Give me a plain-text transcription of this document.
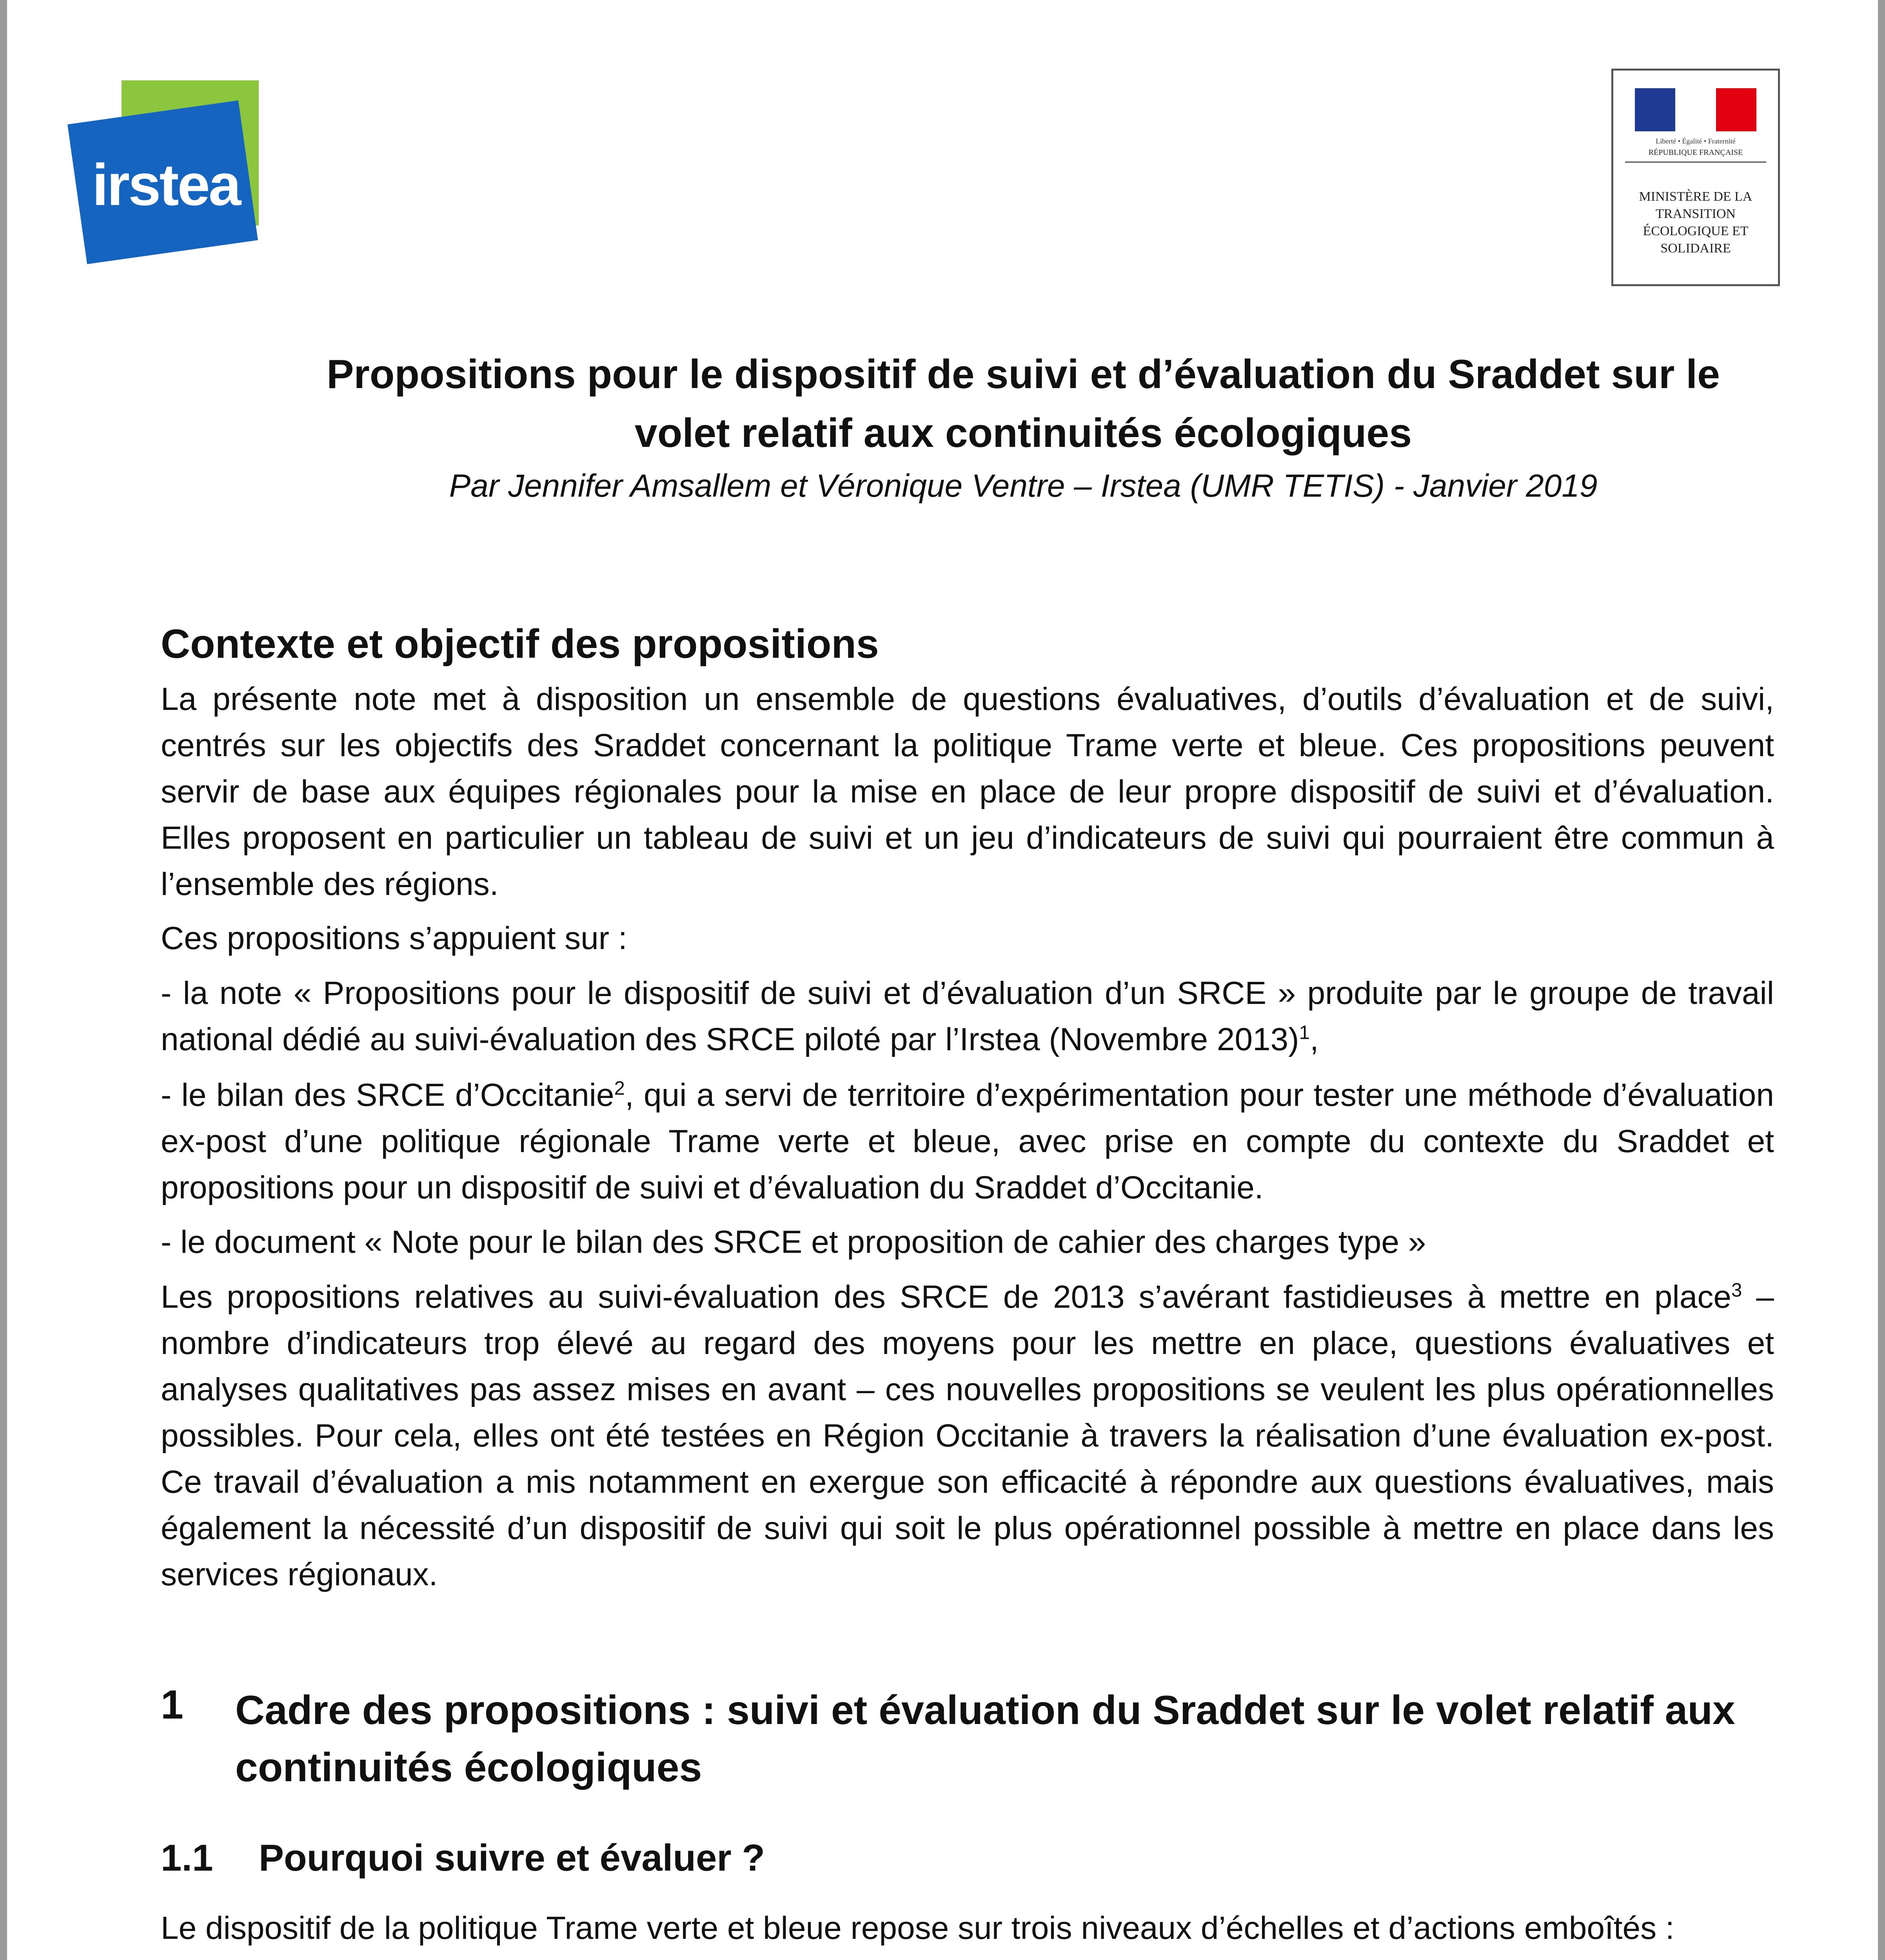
irstea
Liberté • Égalité • Fraternité
RÉPUBLIQUE FRANÇAISE
MINISTÈRE DE LA TRANSITION ÉCOLOGIQUE ET SOLIDAIRE
Propositions pour le dispositif de suivi et d’évaluation du Sraddet sur le
volet relatif aux continuités écologiques
Par Jennifer Amsallem et Véronique Ventre – Irstea (UMR TETIS) - Janvier 2019
Contexte et objectif des propositions
La présente note met à disposition un ensemble de questions évaluatives, d’outils d’évaluation et de suivi, centrés sur les objectifs des Sraddet concernant la politique Trame verte et bleue. Ces propositions peuvent servir de base aux équipes régionales pour la mise en place de leur propre dispositif de suivi et d’évaluation. Elles proposent en particulier un tableau de suivi et un jeu d’indicateurs de suivi qui pourraient être commun à l’ensemble des régions.
Ces propositions s’appuient sur :
- la note « Propositions pour le dispositif de suivi et d’évaluation d’un SRCE » produite par le groupe de travail national dédié au suivi-évaluation des SRCE piloté par l’Irstea (Novembre 2013)$^1$,
- le bilan des SRCE d’Occitanie$^2$, qui a servi de territoire d’expérimentation pour tester une méthode d’évaluation ex-post d’une politique régionale Trame verte et bleue, avec prise en compte du contexte du Sraddet et propositions pour un dispositif de suivi et d’évaluation du Sraddet d’Occitanie.
- le document « Note pour le bilan des SRCE et proposition de cahier des charges type »
Les propositions relatives au suivi-évaluation des SRCE de 2013 s’avérant fastidieuses à mettre en place$^3$ – nombre d’indicateurs trop élevé au regard des moyens pour les mettre en place, questions évaluatives et analyses qualitatives pas assez mises en avant – ces nouvelles propositions se veulent les plus opérationnelles possibles. Pour cela, elles ont été testées en Région Occitanie à travers la réalisation d’une évaluation ex-post. Ce travail d’évaluation a mis notamment en exergue son efficacité à répondre aux questions évaluatives, mais également la nécessité d’un dispositif de suivi qui soit le plus opérationnel possible à mettre en place dans les services régionaux.
1 Cadre des propositions : suivi et évaluation du Sraddet sur le volet relatif aux continuités écologiques
1.1 Pourquoi suivre et évaluer ?
Le dispositif de la politique Trame verte et bleue repose sur trois niveaux d’échelles et d’actions emboîtés :
